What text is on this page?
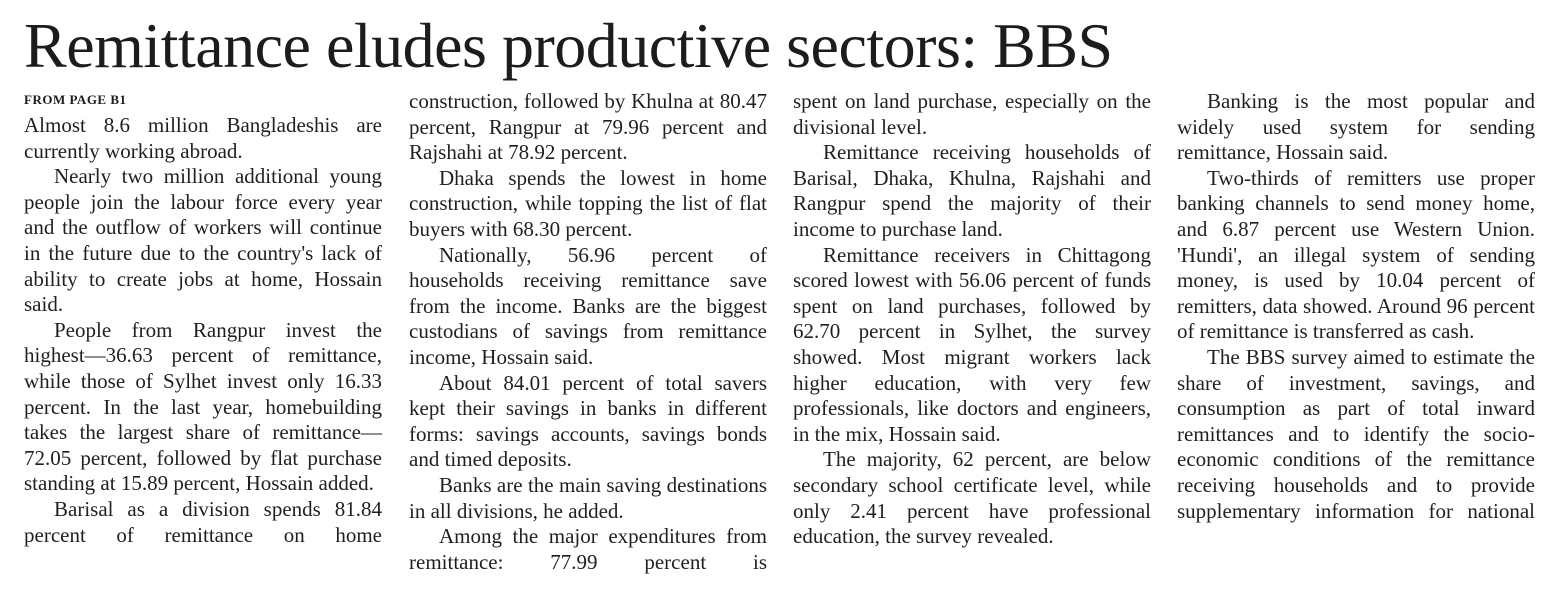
Remittance eludes productive sectors: BBS
FROM PAGE B1

Almost 8.6 million Bangladeshis are currently working abroad.

Nearly two million additional young people join the labour force every year and the outflow of workers will continue in the future due to the country's lack of ability to create jobs at home, Hossain said.

People from Rangpur invest the highest—36.63 percent of remittance, while those of Sylhet invest only 16.33 percent. In the last year, homebuilding takes the largest share of remittance—72.05 percent, followed by flat purchase standing at 15.89 percent, Hossain added.

Barisal as a division spends 81.84 percent of remittance on home

construction, followed by Khulna at 80.47 percent, Rangpur at 79.96 percent and Rajshahi at 78.92 percent.

Dhaka spends the lowest in home construction, while topping the list of flat buyers with 68.30 percent.

Nationally, 56.96 percent of households receiving remittance save from the income. Banks are the biggest custodians of savings from remittance income, Hossain said.

About 84.01 percent of total savers kept their savings in banks in different forms: savings accounts, savings bonds and timed deposits.

Banks are the main saving destinations in all divisions, he added.

Among the major expenditures from remittance: 77.99 percent is

spent on land purchase, especially on the divisional level.

Remittance receiving households of Barisal, Dhaka, Khulna, Rajshahi and Rangpur spend the majority of their income to purchase land.

Remittance receivers in Chittagong scored lowest with 56.06 percent of funds spent on land purchases, followed by 62.70 percent in Sylhet, the survey showed. Most migrant workers lack higher education, with very few professionals, like doctors and engineers, in the mix, Hossain said.

The majority, 62 percent, are below secondary school certificate level, while only 2.41 percent have professional education, the survey revealed.

Banking is the most popular and widely used system for sending remittance, Hossain said.

Two-thirds of remitters use proper banking channels to send money home, and 6.87 percent use Western Union. 'Hundi', an illegal system of sending money, is used by 10.04 percent of remitters, data showed. Around 96 percent of remittance is transferred as cash.

The BBS survey aimed to estimate the share of investment, savings, and consumption as part of total inward remittances and to identify the socio-economic conditions of the remittance receiving households and to provide supplementary information for national
